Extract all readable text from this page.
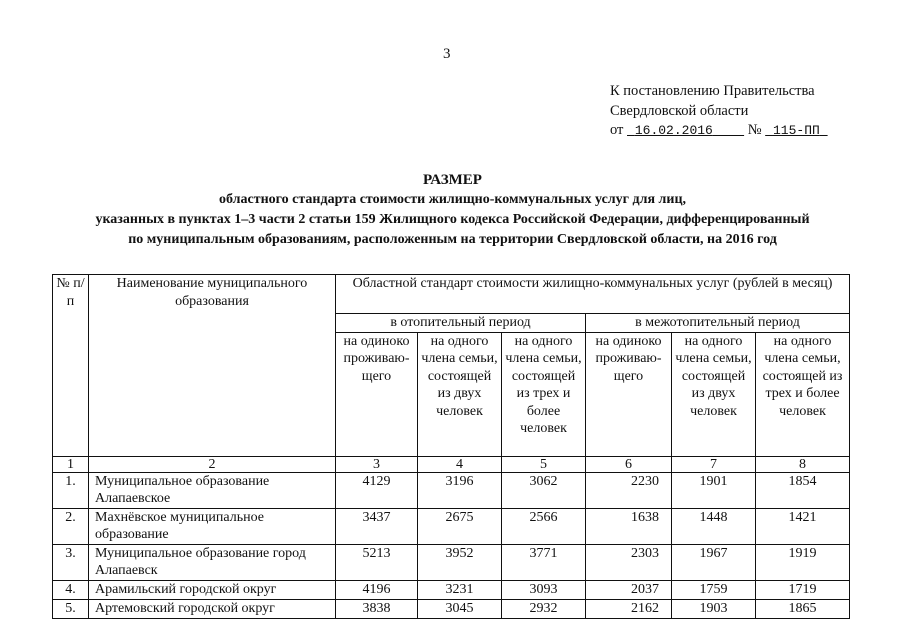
3
К постановлению Правительства
Свердловской области
от 16.02.2016 № 115-ПП
РАЗМЕР
областного стандарта стоимости жилищно-коммунальных услуг для лиц,
указанных в пунктах 1–3 части 2 статьи 159 Жилищного кодекса Российской Федерации, дифференцированный
по муниципальным образованиям, расположенным на территории Свердловской области, на 2016 год
№ п/п	Наименование муниципального образования	Областной стандарт стоимости жилищно-коммунальных услуг (рублей в месяц)					
		в отопительный период			в межотопительный период		
		на одиноко проживаю-щего	на одного члена семьи, состоящей из двух человек	на одного члена семьи, состоящей из трех и более человек	на одиноко проживаю-щего	на одного члена семьи, состоящей из двух человек	на одного члена семьи, состоящей из трех и более человек
1	2	3	4	5	6	7	8
1.	Муниципальное образование Алапаевское	4129	3196	3062	2230	1901	1854
2.	Махнёвское муниципальное образование	3437	2675	2566	1638	1448	1421
3.	Муниципальное образование город Алапаевск	5213	3952	3771	2303	1967	1919
4.	Арамильский городской округ	4196	3231	3093	2037	1759	1719
5.	Артемовский городской округ	3838	3045	2932	2162	1903	1865
